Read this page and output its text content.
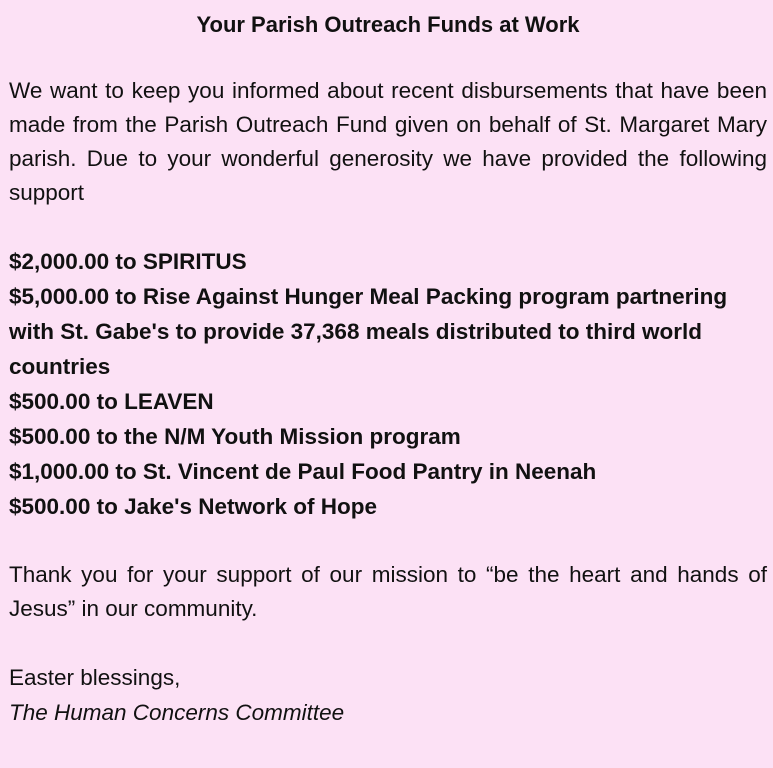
Your Parish Outreach Funds at Work

We want to keep you informed about recent disbursements that have been made from the Parish Outreach Fund given on behalf of St. Margaret Mary parish. Due to your wonderful generosity we have provided the following support

$2,000.00 to SPIRITUS
$5,000.00 to Rise Against Hunger Meal Packing program partnering with St. Gabe's to provide 37,368 meals distributed to third world countries
$500.00 to LEAVEN
$500.00 to the N/M Youth Mission program
$1,000.00 to St. Vincent de Paul Food Pantry in Neenah
$500.00 to Jake's Network of Hope

Thank you for your support of our mission to “be the heart and hands of Jesus” in our community.

Easter blessings,

The Human Concerns Committee
